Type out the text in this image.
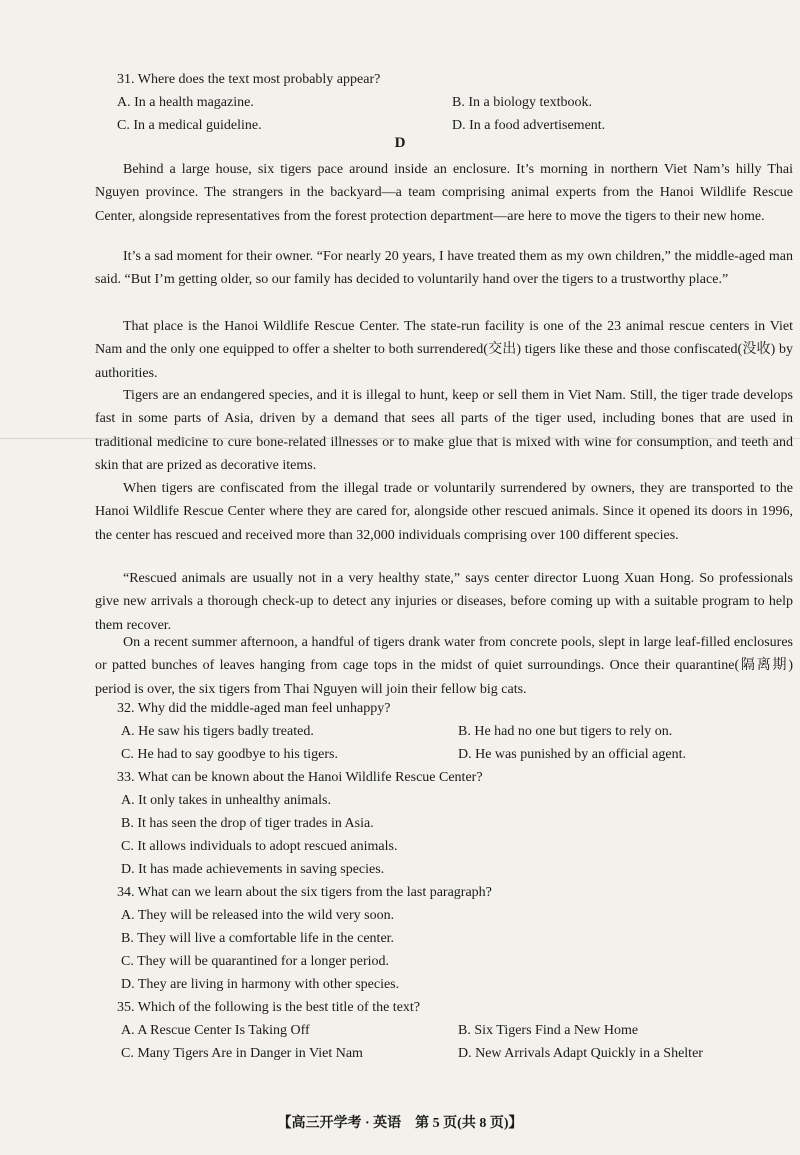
31. Where does the text most probably appear?
A. In a health magazine.	B. In a biology textbook.
C. In a medical guideline.	D. In a food advertisement.
D

Behind a large house, six tigers pace around inside an enclosure. It’s morning in northern Viet Nam’s hilly Thai Nguyen province. The strangers in the backyard—a team comprising animal experts from the Hanoi Wildlife Rescue Center, alongside representatives from the forest protection department—are here to move the tigers to their new home.

It’s a sad moment for their owner. “For nearly 20 years, I have treated them as my own children,” the middle-aged man said. “But I’m getting older, so our family has decided to voluntarily hand over the tigers to a trustworthy place.”

That place is the Hanoi Wildlife Rescue Center. The state-run facility is one of the 23 animal rescue centers in Viet Nam and the only one equipped to offer a shelter to both surrendered(交出) tigers like these and those confiscated(没收) by authorities.

Tigers are an endangered species, and it is illegal to hunt, keep or sell them in Viet Nam. Still, the tiger trade develops fast in some parts of Asia, driven by a demand that sees all parts of the tiger used, including bones that are used in traditional medicine to cure bone-related illnesses or to make glue that is mixed with wine for consumption, and teeth and skin that are prized as decorative items.

When tigers are confiscated from the illegal trade or voluntarily surrendered by owners, they are transported to the Hanoi Wildlife Rescue Center where they are cared for, alongside other rescued animals. Since it opened its doors in 1996, the center has rescued and received more than 32,000 individuals comprising over 100 different species.

“Rescued animals are usually not in a very healthy state,” says center director Luong Xuan Hong. So professionals give new arrivals a thorough check-up to detect any injuries or diseases, before coming up with a suitable program to help them recover.

On a recent summer afternoon, a handful of tigers drank water from concrete pools, slept in large leaf-filled enclosures or patted bunches of leaves hanging from cage tops in the midst of quiet surroundings. Once their quarantine(隔离期) period is over, the six tigers from Thai Nguyen will join their fellow big cats.

32. Why did the middle-aged man feel unhappy?
A. He saw his tigers badly treated.	B. He had no one but tigers to rely on.
C. He had to say goodbye to his tigers.	D. He was punished by an official agent.
33. What can be known about the Hanoi Wildlife Rescue Center?
A. It only takes in unhealthy animals.
B. It has seen the drop of tiger trades in Asia.
C. It allows individuals to adopt rescued animals.
D. It has made achievements in saving species.
34. What can we learn about the six tigers from the last paragraph?
A. They will be released into the wild very soon.
B. They will live a comfortable life in the center.
C. They will be quarantined for a longer period.
D. They are living in harmony with other species.
35. Which of the following is the best title of the text?
A. A Rescue Center Is Taking Off	B. Six Tigers Find a New Home
C. Many Tigers Are in Danger in Viet Nam	D. New Arrivals Adapt Quickly in a Shelter
【高三开学考 · 英语　第 5 页(共 8 页)】
